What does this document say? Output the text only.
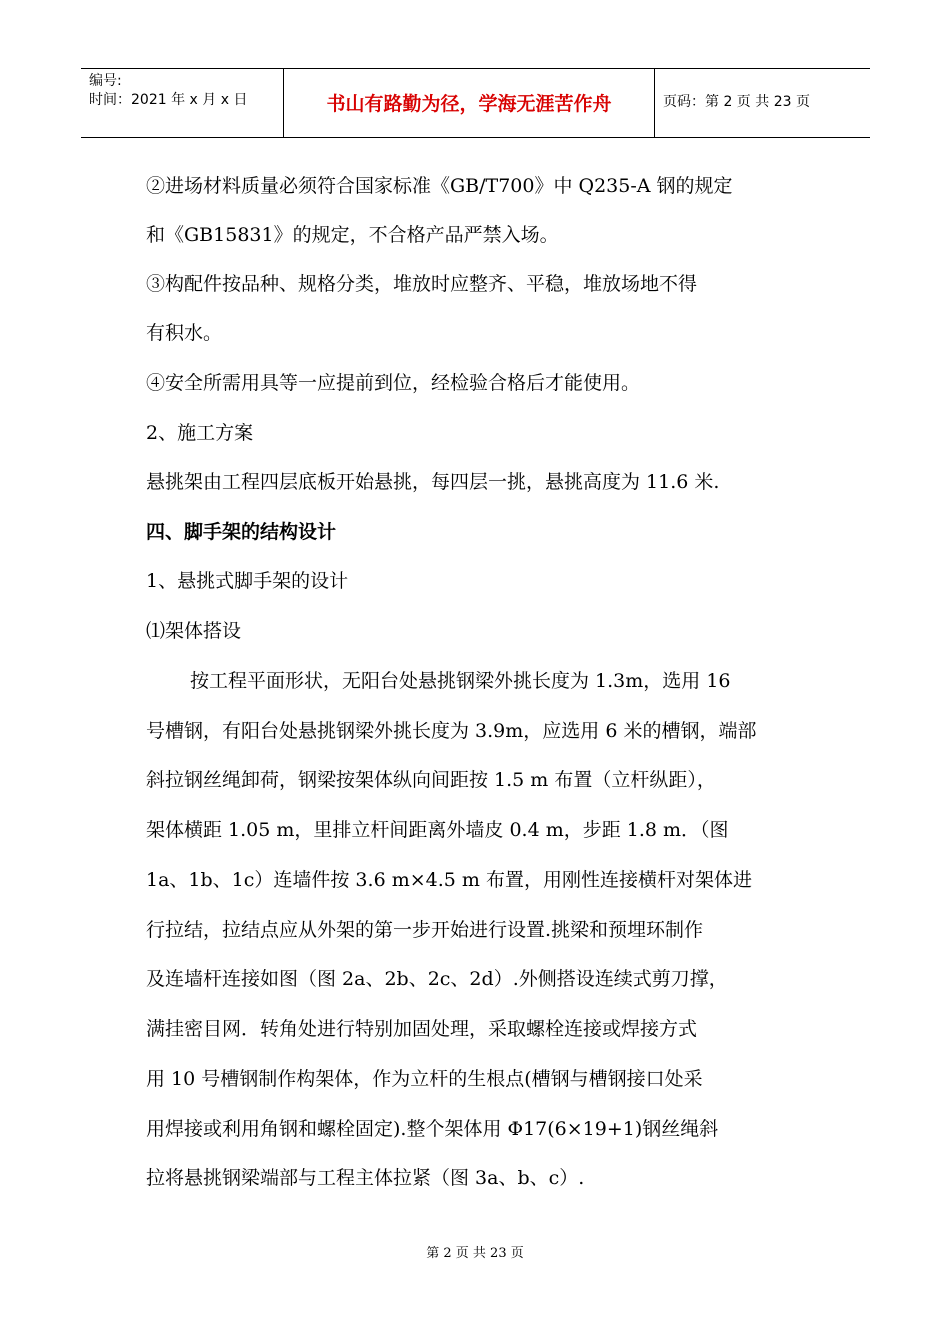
编号:
时间：2021 年 x 月 x 日	书山有路勤为径，学海无涯苦作舟	页码：第 2 页 共 23 页
②进场材料质量必须符合国家标准《GB/T700》中 Q235-A 钢的规定
和《GB15831》的规定，不合格产品严禁入场。
③构配件按品种、规格分类，堆放时应整齐、平稳，堆放场地不得
有积水。
④安全所需用具等一应提前到位，经检验合格后才能使用。
2、施工方案
悬挑架由工程四层底板开始悬挑，每四层一挑，悬挑高度为 11.6 米.
四、脚手架的结构设计
1、悬挑式脚手架的设计
⑴架体搭设
按工程平面形状，无阳台处悬挑钢梁外挑长度为 1.3m，选用 16
号槽钢，有阳台处悬挑钢梁外挑长度为 3.9m，应选用 6 米的槽钢，端部
斜拉钢丝绳卸荷，钢梁按架体纵向间距按 1.5 m 布置（立杆纵距），
架体横距 1.05 m，里排立杆间距离外墙皮 0.4 m，步距 1.8 m．（图
1a、1b、1c）连墙件按 3.6 m×4.5 m 布置，用刚性连接横杆对架体进
行拉结，拉结点应从外架的第一步开始进行设置.挑梁和预埋环制作
及连墙杆连接如图（图 2a、2b、2c、2d）.外侧搭设连续式剪刀撑，
满挂密目网．转角处进行特别加固处理，采取螺栓连接或焊接方式
用 10 号槽钢制作构架体，作为立杆的生根点(槽钢与槽钢接口处采
用焊接或利用角钢和螺栓固定).整个架体用 Φ17(6×19+1)钢丝绳斜
拉将悬挑钢梁端部与工程主体拉紧（图 3a、b、c）.
第 2 页 共 23 页
